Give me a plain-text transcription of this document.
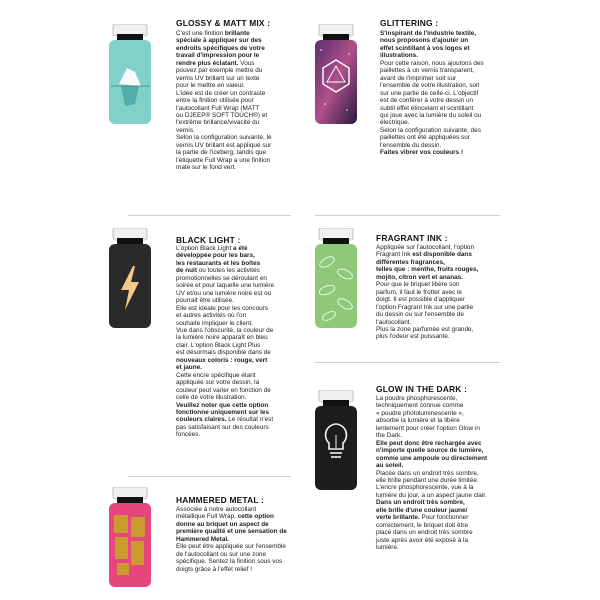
GLOSSY & MATT MIX :

C'est une finition brillante

spéciale à appliquer sur des

endroits spécifiques de votre

travail d'impression pour le

rendre plus éclatant. Vous

pouvez par exemple mettre du

vernis UV brillant sur un texte

pour le mettre en valeur.

L'idée est de créer un contraste

entre la finition utilisée pour

l'autocollant Full Wrap (MATT

ou DJEEP® SOFT TOUCH®) et

l'extrême brillance/vivacité du

vernis.

Selon la configuration suivante, le

vernis UV brillant est appliqué sur

la partie de l'iceberg, tandis que

l'étiquette Full Wrap a une finition

mate sur le fond vert.

GLITTERING :

S'inspirant de l'industrie textile,

nous proposons d'ajouter un

effet scintillant à vos logos et

illustrations.

Pour cette raison, nous ajoutons des

paillettes à un vernis transparent,

avant de l'imprimer soit sur

l'ensemble de votre illustration, soit

sur une partie de celle-ci. L'objectif

est de conférer à votre dessin un

subtil effet étincelant et scintillant

qui joue avec la lumière du soleil ou

électrique.

Selon la configuration suivante, des

paillettes ont été appliquées sur

l'ensemble du dessin.

Faites vibrer vos couleurs !

BLACK LIGHT :

L'option Black Light a été

développée pour les bars,

les restaurants et les boîtes

de nuit ou toutes les activités

promotionnelles se déroulant en

soirée et pour laquelle une lumière

UV et/ou une lumière noire est ou

pourrait être utilisée.

Elle est idéale pour les concours

et autres activités où l'on

souhaite impliquer le client.

Vue dans l'obscurité, la couleur de

la lumière noire apparaît en bleu

clair. L'option Black Light Plus

est désormais disponible dans de

nouveaux coloris : rouge, vert

et jaune.

Cette encre spécifique étant

appliquée sur votre dessin, la

couleur peut varier en fonction de

celle de votre illustration.

Veuillez noter que cette option

fonctionne uniquement sur les

couleurs claires. Le résultat n'est

pas satisfaisant sur des couleurs

foncées.

FRAGRANT INK :

Appliquée sur l'autocollant, l'option

Fragrant Ink est disponible dans

différentes fragrances,

telles que : menthe, fruits rouges,

mojito, citron vert et ananas.

Pour que le briquet libère son

parfum, il faut le frotter avec le

doigt. Il est possible d'appliquer

l'option Fragrant Ink sur une partie

du dessin ou sur l'ensemble de

l'autocollant.

Plus la zone parfumée est grande,

plus l'odeur est puissante.

GLOW IN THE DARK :

La poudre phosphorescente,

techniquement connue comme

« poudre photoluminescente »,

absorbe la lumière et la libère

lentement pour créer l'option Glow in

the Dark.

Elle peut donc être rechargée avec

n'importe quelle source de lumière,

comme une ampoule ou directement

au soleil.

Placée dans un endroit très sombre,

elle brille pendant une durée limitée.

L'encre phosphorescente, vue à la

lumière du jour, a un aspect jaune clair.

Dans un endroit très sombre,

elle brille d'une couleur jaune/

verte brillante. Pour fonctionner

correctement, le briquet doit être

placé dans un endroit très sombre

juste après avoir été exposé à la

lumière.

HAMMERED METAL :

Associée à notre autocollant

métallique Full Wrap, cette option

donne au briquet un aspect de

première qualité et une sensation de

Hammered Metal.

Elle peut être appliquée sur l'ensemble

de l'autocollant ou sur une zone

spécifique. Sentez la finition sous vos

doigts grâce à l'effet relief !
